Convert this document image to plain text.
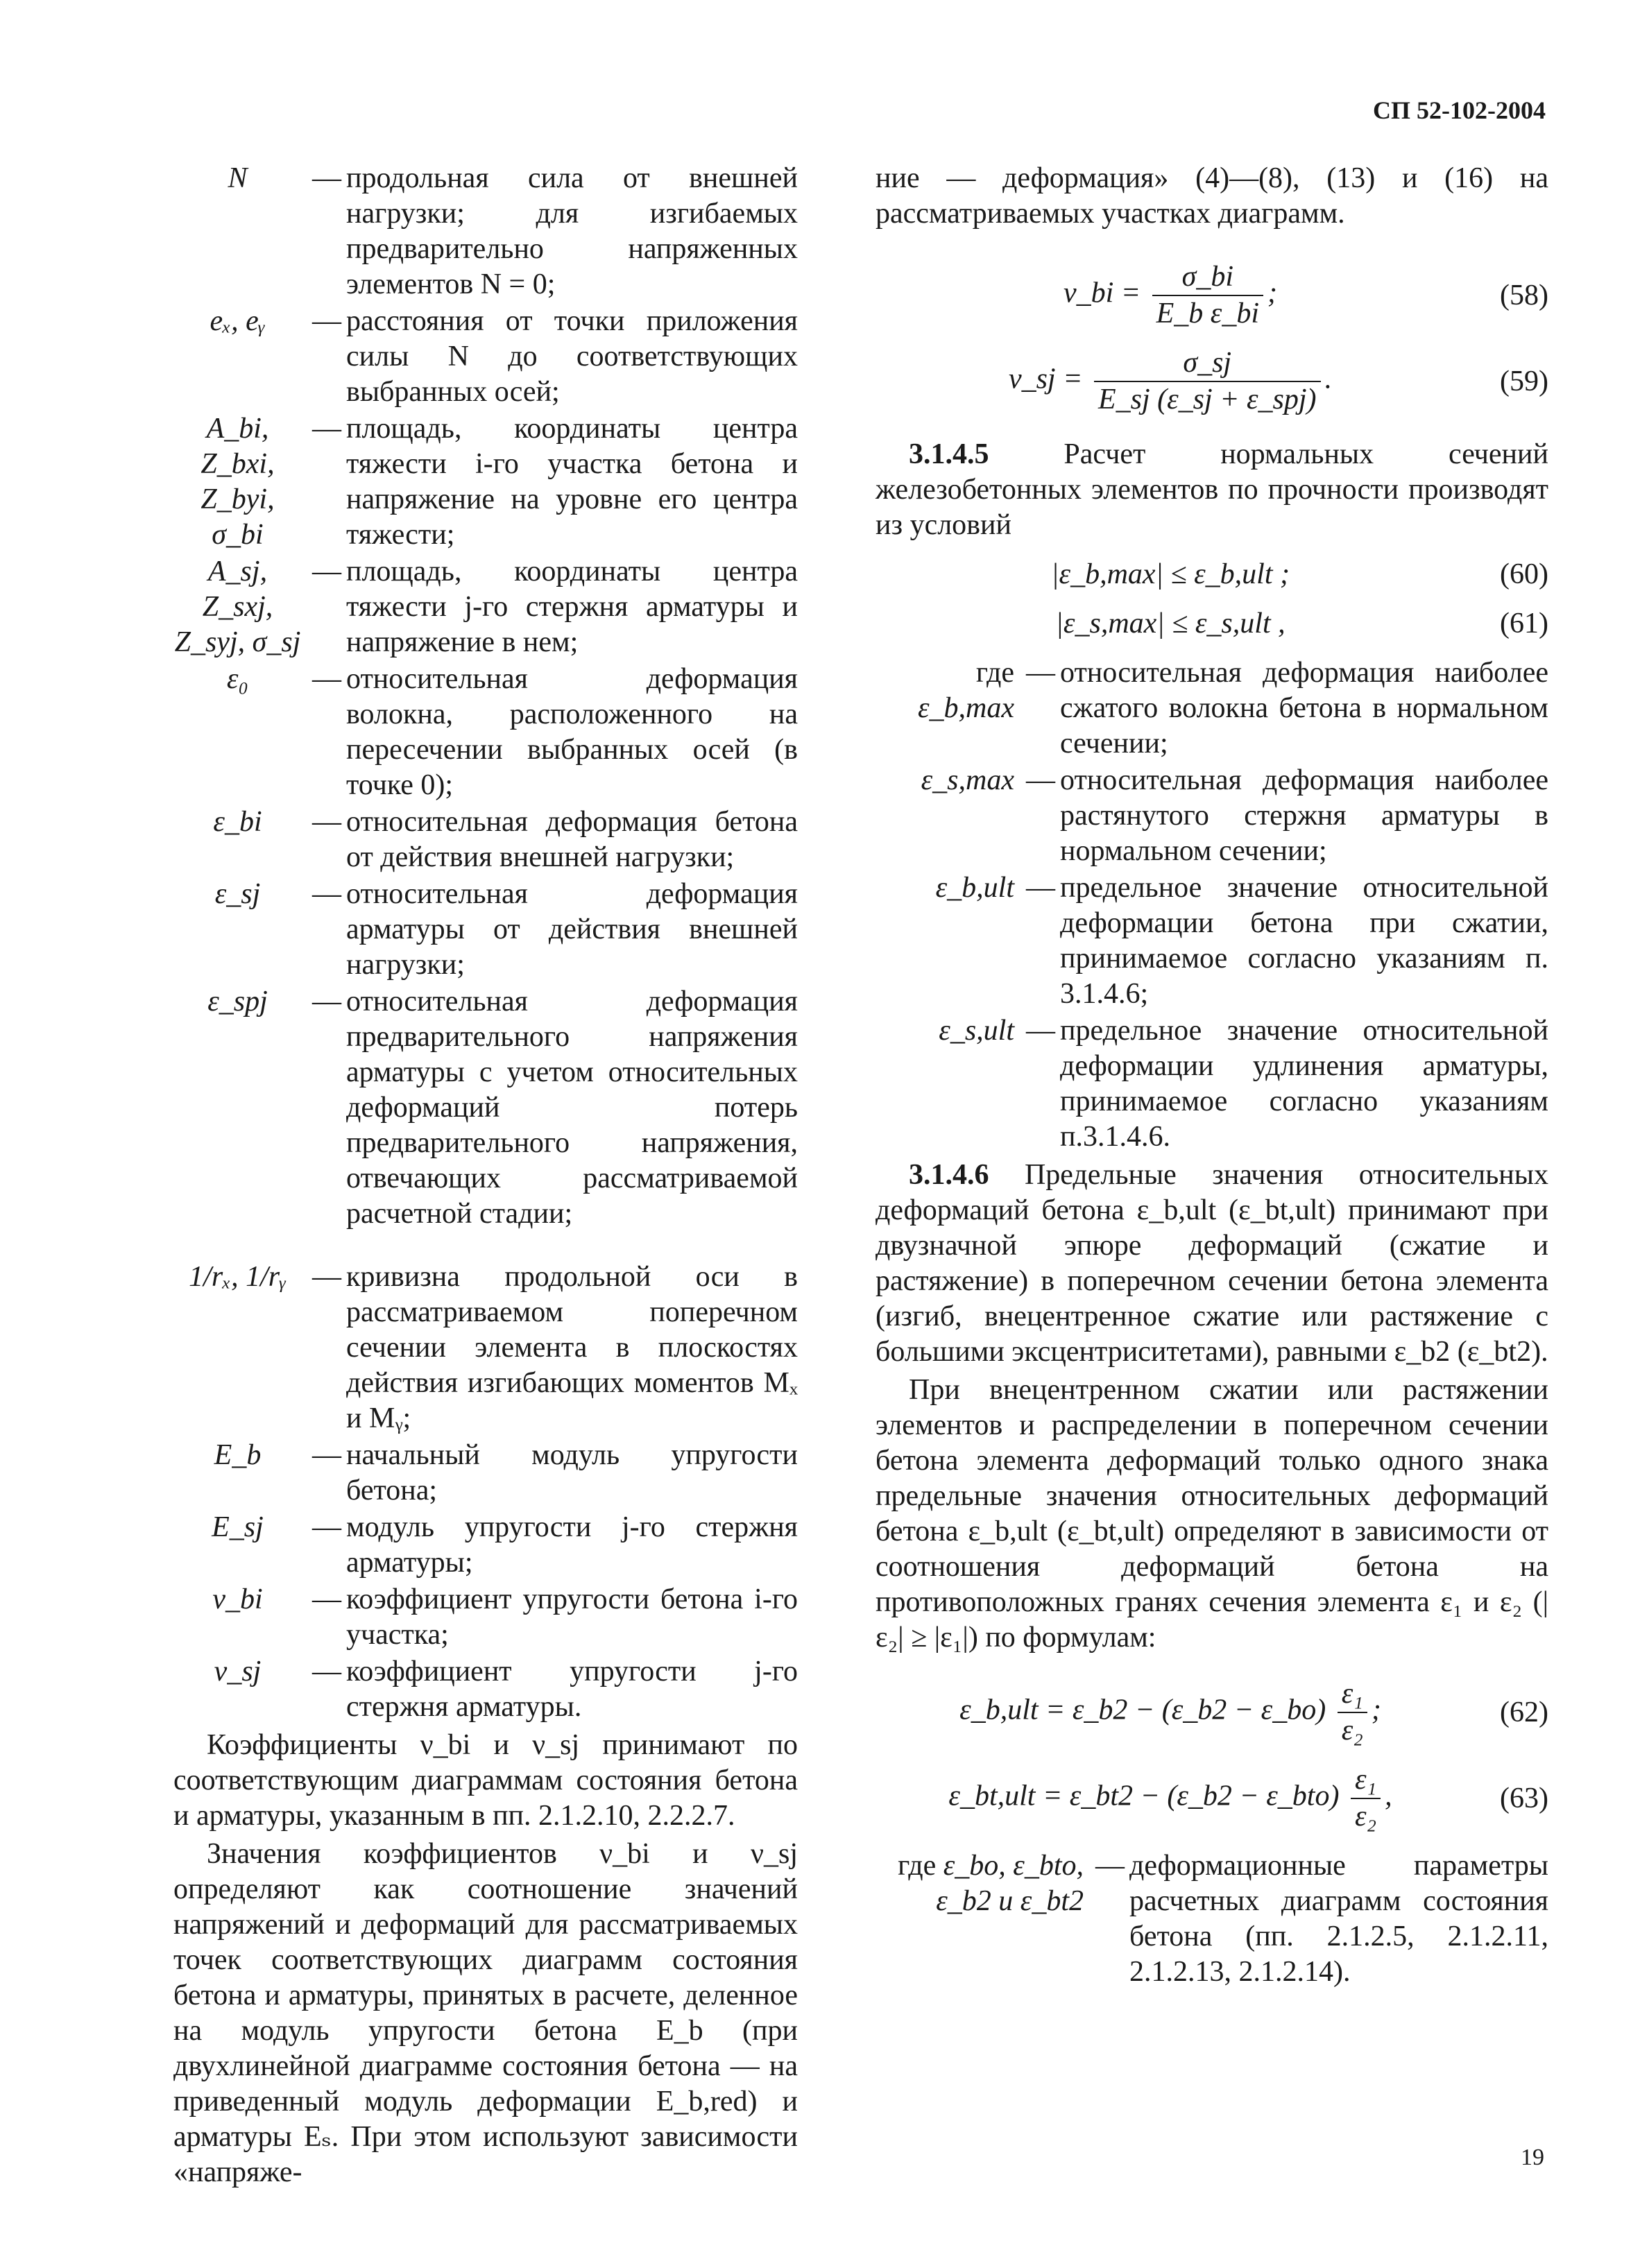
СП 52-102-2004
N	— продольная сила от внешней нагрузки; для изгибаемых предварительно напряженных элементов N = 0;
eₓ, eᵧ	— расстояния от точки приложения силы N до соответствующих выбранных осей;
A_bi, Z_bxi, Z_byi, σ_bi
— площадь, координаты центра тяжести i-го участка бетона и напряжение на уровне его центра тяжести;
A_sj, Z_sxj, Z_syj, σ_sj
— площадь, координаты центра тяжести j-го стержня арматуры и напряжение в нем;
ε₀	— относительная деформация волокна, расположенного на пересечении выбранных осей (в точке 0);
ε_bi	— относительная деформация бетона от действия внешней нагрузки;
ε_sj	— относительная деформация арматуры от действия внешней нагрузки;
ε_spj	— относительная деформация предварительного напряжения арматуры с учетом относительных деформаций потерь предварительного напряжения, отвечающих рассматриваемой расчетной стадии;
1/rₓ, 1/rᵧ — кривизна продольной оси в рассматриваемом поперечном сечении элемента в плоскостях действия изгибающих моментов Mₓ и Mᵧ;
E_b	— начальный модуль упругости бетона;
E_sj	— модуль упругости j-го стержня арматуры;
ν_bi	— коэффициент упругости бетона i-го участка;
ν_sj	— коэффициент упругости j-го стержня арматуры.

Коэффициенты ν_bi и ν_sj принимают по соответствующим диаграммам состояния бетона и арматуры, указанным в пп. 2.1.2.10, 2.2.2.7.

Значения коэффициентов ν_bi и ν_sj определяют как соотношение значений напряжений и деформаций для рассматриваемых точек соответствующих диаграмм состояния бетона и арматуры, принятых в расчете, деленное на модуль упругости бетона E_b (при двухлинейной диаграмме состояния бетона — на приведенный модуль деформации E_b,red) и арматуры Eₛ. При этом используют зависимости «напряже-

ние — деформация» (4)—(8), (13) и (16) на рассматриваемых участках диаграмм.

ν_bi = $\frac{\sigma\_bi}{\text{E\_b ε\_bi}}$ ;	(58)
ν_sj = $\frac{\sigma\_sj}{\text{E\_sj (ε\_sj + ε\_spj)}}$ .	(59)

3.1.4.5	Расчет нормальных сечений железобетонных элементов по прочности производят из условий

|ε_b,max| ≤ ε_b,ult ;	(60)
|ε_s,max| ≤ ε_s,ult ,	(61)
где ε_b,max
— относительная деформация наиболее сжатого волокна бетона в нормальном сечении;
ε_s,max — относительная деформация наиболее растянутого стержня арматуры в нормальном сечении;
ε_b,ult — предельное значение относительной деформации бетона при сжатии, принимаемое согласно указаниям п. 3.1.4.6;
ε_s,ult — предельное значение относительной деформации удлинения арматуры, принимаемое согласно указаниям п.3.1.4.6.

3.1.4.6 Предельные значения относительных деформаций бетона ε_b,ult (ε_bt,ult) принимают при двузначной эпюре деформаций (сжатие и растяжение) в поперечном сечении бетона элемента (изгиб, внецентренное сжатие или растяжение с большими эксцентриситетами), равными ε_b2 (ε_bt2).

При внецентренном сжатии или растяжении элементов и распределении в поперечном сечении бетона элемента деформаций только одного знака предельные значения относительных деформаций бетона ε_b,ult (ε_bt,ult) определяют в зависимости от соотношения деформаций бетона на противоположных гранях сечения элемента ε₁ и ε₂ (|ε₂| ≥ |ε₁|) по формулам:

ε_b,ult = ε_b2 − (ε_b2 − ε_bo) $\frac{\text{ε₁}}{\text{ε₂}}$ ;	(62)
ε_bt,ult = ε_bt2 − (ε_b2 − ε_bto) $\frac{\text{ε₁}}{\text{ε₂}}$ ,	(63)
где ε_bo, ε_bto, ε_b2 и ε_bt2
— деформационные параметры расчетных диаграмм состояния бетона (пп. 2.1.2.5, 2.1.2.11, 2.1.2.13, 2.1.2.14).
19
